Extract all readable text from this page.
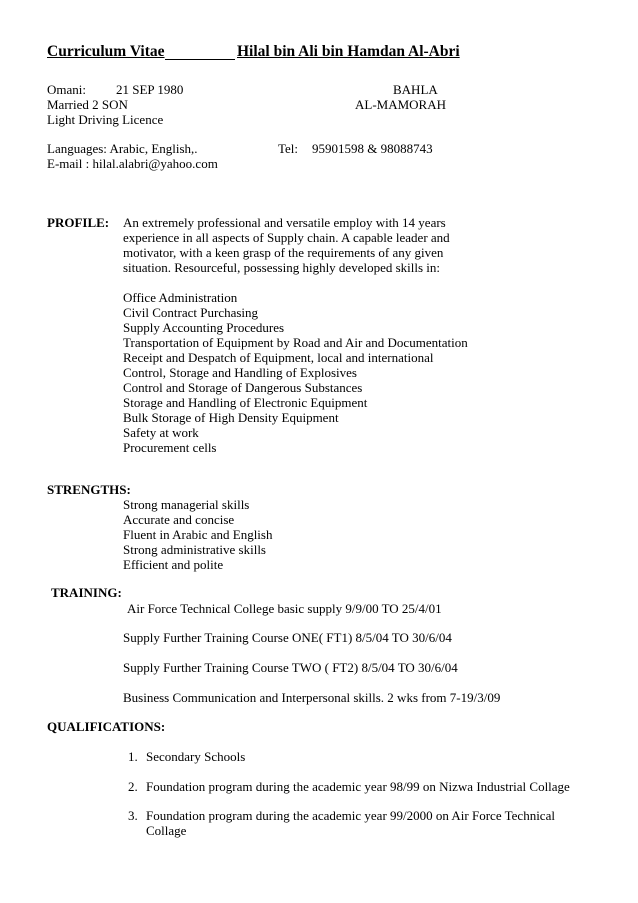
Curriculum Vitae	Hilal bin Ali bin Hamdan Al-Abri
Omani: 21 SEP 1980	BAHLA
Married 2 SON	AL-MAMORAH
Light Driving Licence
Languages: Arabic, English,.	Tel: 95901598 & 98088743
E-mail : hilal.alabri@yahoo.com
PROFILE: An extremely professional and versatile employ with 14 years
experience in all aspects of Supply chain. A capable leader and
motivator, with a keen grasp of the requirements of any given
situation. Resourceful, possessing highly developed skills in:
Office Administration
Civil Contract Purchasing
Supply Accounting Procedures
Transportation of Equipment by Road and Air and Documentation
Receipt and Despatch of Equipment, local and international
Control, Storage and Handling of Explosives
Control and Storage of Dangerous Substances
Storage and Handling of Electronic Equipment
Bulk Storage of High Density Equipment
Safety at work
Procurement cells
STRENGTHS:
Strong managerial skills
Accurate and concise
Fluent in Arabic and English
Strong administrative skills
Efficient and polite
TRAINING:
Air Force Technical College basic supply 9/9/00 TO 25/4/01
Supply Further Training Course ONE( FT1) 8/5/04 TO 30/6/04
Supply Further Training Course TWO ( FT2) 8/5/04 TO 30/6/04
Business Communication and Interpersonal skills. 2 wks from 7-19/3/09
QUALIFICATIONS:
1. Secondary Schools
2. Foundation program during the academic year 98/99 on Nizwa Industrial Collage
3. Foundation program during the academic year 99/2000 on Air Force Technical
Collage
